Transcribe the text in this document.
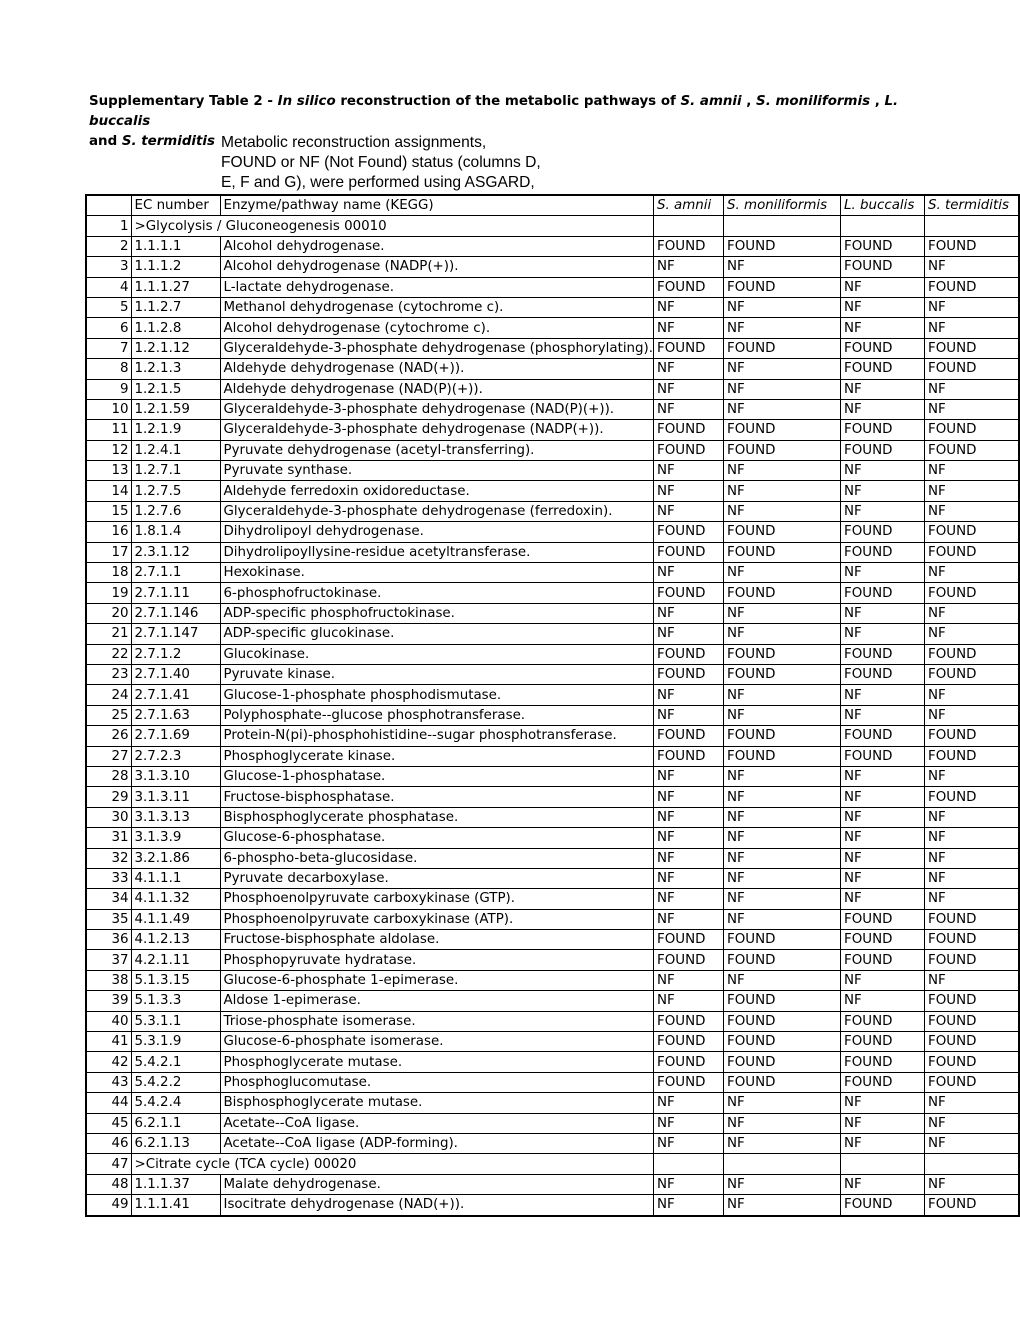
Supplementary Table 2 - In silico reconstruction of the metabolic pathways of S. amnii , S. moniliformis , L. buccalis
and S. termiditis Metabolic reconstruction assignments,
FOUND or NF (Not Found) status (columns D,
E, F and G), were performed using ASGARD,
	EC number	Enzyme/pathway name (KEGG)	S. amnii	S. moniliformis	L. buccalis	S. termiditis
1	>Glycolysis / Gluconeogenesis 00010					
2	1.1.1.1	Alcohol dehydrogenase.	FOUND	FOUND	FOUND	FOUND
3	1.1.1.2	Alcohol dehydrogenase (NADP(+)).	NF	NF	FOUND	NF
4	1.1.1.27	L-lactate dehydrogenase.	FOUND	FOUND	NF	FOUND
5	1.1.2.7	Methanol dehydrogenase (cytochrome c).	NF	NF	NF	NF
6	1.1.2.8	Alcohol dehydrogenase (cytochrome c).	NF	NF	NF	NF
7	1.2.1.12	Glyceraldehyde-3-phosphate dehydrogenase (phosphorylating).	FOUND	FOUND	FOUND	FOUND
8	1.2.1.3	Aldehyde dehydrogenase (NAD(+)).	NF	NF	FOUND	FOUND
9	1.2.1.5	Aldehyde dehydrogenase (NAD(P)(+)).	NF	NF	NF	NF
10	1.2.1.59	Glyceraldehyde-3-phosphate dehydrogenase (NAD(P)(+)).	NF	NF	NF	NF
11	1.2.1.9	Glyceraldehyde-3-phosphate dehydrogenase (NADP(+)).	FOUND	FOUND	FOUND	FOUND
12	1.2.4.1	Pyruvate dehydrogenase (acetyl-transferring).	FOUND	FOUND	FOUND	FOUND
13	1.2.7.1	Pyruvate synthase.	NF	NF	NF	NF
14	1.2.7.5	Aldehyde ferredoxin oxidoreductase.	NF	NF	NF	NF
15	1.2.7.6	Glyceraldehyde-3-phosphate dehydrogenase (ferredoxin).	NF	NF	NF	NF
16	1.8.1.4	Dihydrolipoyl dehydrogenase.	FOUND	FOUND	FOUND	FOUND
17	2.3.1.12	Dihydrolipoyllysine-residue acetyltransferase.	FOUND	FOUND	FOUND	FOUND
18	2.7.1.1	Hexokinase.	NF	NF	NF	NF
19	2.7.1.11	6-phosphofructokinase.	FOUND	FOUND	FOUND	FOUND
20	2.7.1.146	ADP-specific phosphofructokinase.	NF	NF	NF	NF
21	2.7.1.147	ADP-specific glucokinase.	NF	NF	NF	NF
22	2.7.1.2	Glucokinase.	FOUND	FOUND	FOUND	FOUND
23	2.7.1.40	Pyruvate kinase.	FOUND	FOUND	FOUND	FOUND
24	2.7.1.41	Glucose-1-phosphate phosphodismutase.	NF	NF	NF	NF
25	2.7.1.63	Polyphosphate--glucose phosphotransferase.	NF	NF	NF	NF
26	2.7.1.69	Protein-N(pi)-phosphohistidine--sugar phosphotransferase.	FOUND	FOUND	FOUND	FOUND
27	2.7.2.3	Phosphoglycerate kinase.	FOUND	FOUND	FOUND	FOUND
28	3.1.3.10	Glucose-1-phosphatase.	NF	NF	NF	NF
29	3.1.3.11	Fructose-bisphosphatase.	NF	NF	NF	FOUND
30	3.1.3.13	Bisphosphoglycerate phosphatase.	NF	NF	NF	NF
31	3.1.3.9	Glucose-6-phosphatase.	NF	NF	NF	NF
32	3.2.1.86	6-phospho-beta-glucosidase.	NF	NF	NF	NF
33	4.1.1.1	Pyruvate decarboxylase.	NF	NF	NF	NF
34	4.1.1.32	Phosphoenolpyruvate carboxykinase (GTP).	NF	NF	NF	NF
35	4.1.1.49	Phosphoenolpyruvate carboxykinase (ATP).	NF	NF	FOUND	FOUND
36	4.1.2.13	Fructose-bisphosphate aldolase.	FOUND	FOUND	FOUND	FOUND
37	4.2.1.11	Phosphopyruvate hydratase.	FOUND	FOUND	FOUND	FOUND
38	5.1.3.15	Glucose-6-phosphate 1-epimerase.	NF	NF	NF	NF
39	5.1.3.3	Aldose 1-epimerase.	NF	FOUND	NF	FOUND
40	5.3.1.1	Triose-phosphate isomerase.	FOUND	FOUND	FOUND	FOUND
41	5.3.1.9	Glucose-6-phosphate isomerase.	FOUND	FOUND	FOUND	FOUND
42	5.4.2.1	Phosphoglycerate mutase.	FOUND	FOUND	FOUND	FOUND
43	5.4.2.2	Phosphoglucomutase.	FOUND	FOUND	FOUND	FOUND
44	5.4.2.4	Bisphosphoglycerate mutase.	NF	NF	NF	NF
45	6.2.1.1	Acetate--CoA ligase.	NF	NF	NF	NF
46	6.2.1.13	Acetate--CoA ligase (ADP-forming).	NF	NF	NF	NF
47	>Citrate cycle (TCA cycle) 00020					
48	1.1.1.37	Malate dehydrogenase.	NF	NF	NF	NF
49	1.1.1.41	Isocitrate dehydrogenase (NAD(+)).	NF	NF	FOUND	FOUND
